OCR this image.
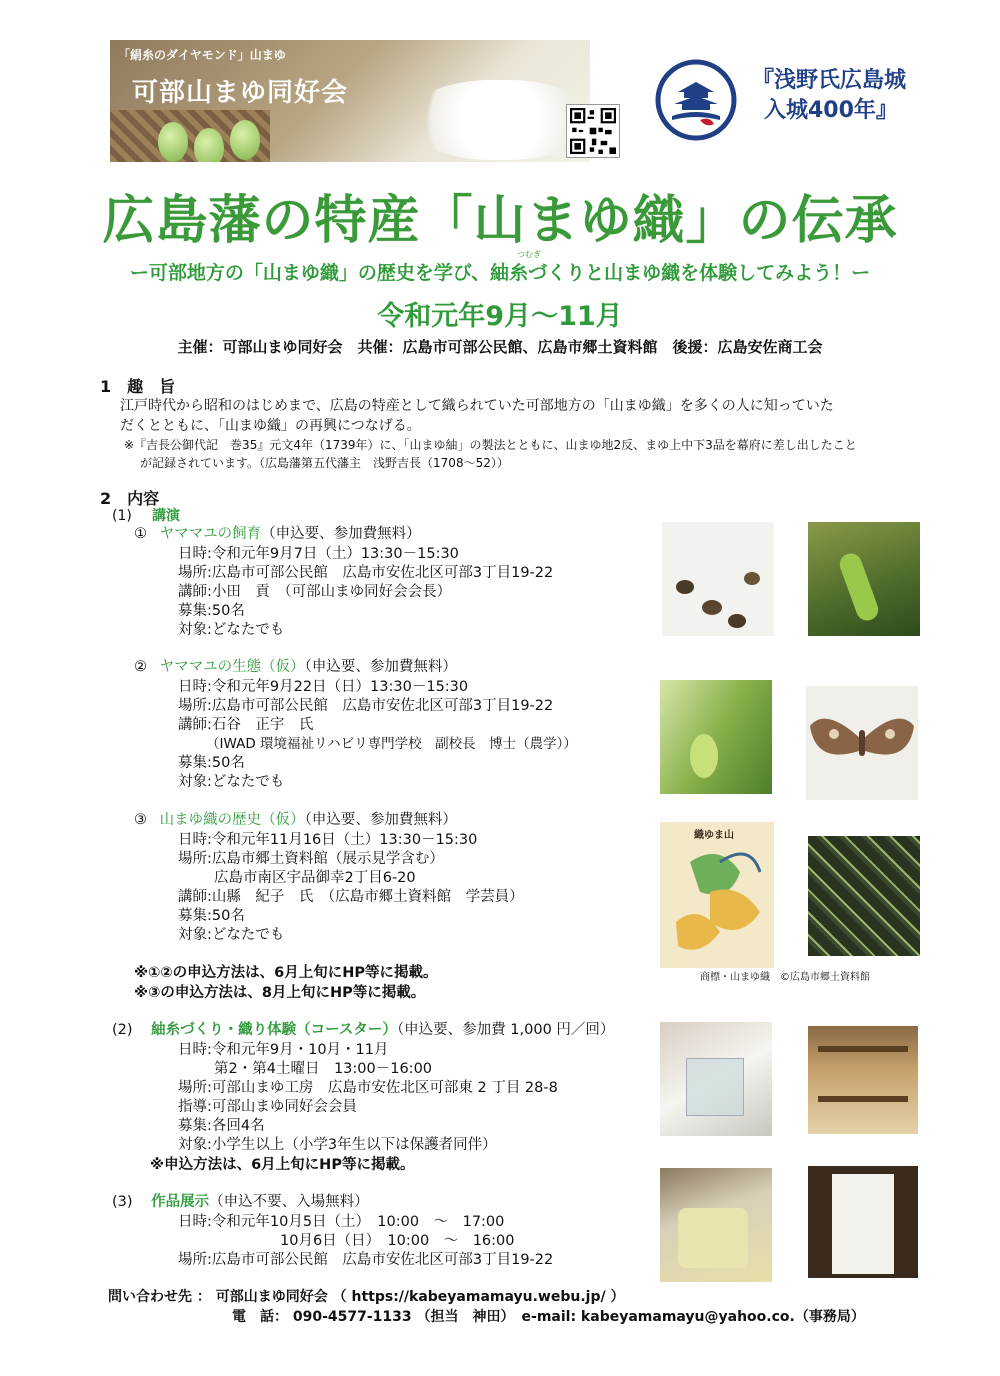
「絹糸のダイヤモンド」山まゆ
可部山まゆ同好会	『浅野氏広島城
入城400年』
広島藩の特産「山まゆ織」の伝承
つむぎ
ー可部地方の「山まゆ織」の歴史を学び、紬糸づくりと山まゆ織を体験してみよう！ー
令和元年9月～11月
主催：可部山まゆ同好会　共催：広島市可部公民館、広島市郷土資料館　後援：広島安佐商工会
1　趣　旨
江戸時代から昭和のはじめまで、広島の特産として織られていた可部地方の「山まゆ織」を多くの人に知っていた
だくとともに、「山まゆ織」の再興につなげる。
※『吉長公御代記　巻35』元文4年（1739年）に、「山まゆ紬」の製法とともに、山まゆ地2反、まゆ上中下3品を幕府に差し出したこと
が記録されています。（広島藩第五代藩主　浅野吉長（1708～52））
2　内容
(1) 講演
① ヤママユの飼育（申込要、参加費無料）
日時:令和元年9月7日（土）13:30－15:30
場所:広島市可部公民館　広島市安佐北区可部3丁目19-22
講師:小田　貢　（可部山まゆ同好会会長）
募集:50名
対象:どなたでも
② ヤママユの生態（仮）（申込要、参加費無料）
日時:令和元年9月22日（日）13:30－15:30
場所:広島市可部公民館　広島市安佐北区可部3丁目19-22
講師:石谷　正宇　氏
（IWAD 環境福祉リハビリ専門学校　副校長　博士（農学））
募集:50名
対象:どなたでも
③ 山まゆ織の歴史（仮）（申込要、参加費無料）
日時:令和元年11月16日（土）13:30－15:30
場所:広島市郷土資料館（展示見学含む）
広島市南区宇品御幸2丁目6-20
講師:山縣　紀子　氏　（広島市郷土資料館　学芸員）
募集:50名
対象:どなたでも
※①②の申込方法は、6月上旬にHP等に掲載。
※③の申込方法は、8月上旬にHP等に掲載。
(2) 紬糸づくり・織り体験（コースター）（申込要、参加費 1,000 円／回）
日時:令和元年9月・10月・11月
第2・第4土曜日　13:00－16:00
場所:可部山まゆ工房　広島市安佐北区可部東 2 丁目 28-8
指導:可部山まゆ同好会会員
募集:各回4名
対象:小学生以上（小学3年生以下は保護者同伴）
※申込方法は、6月上旬にHP等に掲載。
(3) 作品展示（申込不要、入場無料）
日時:令和元年10月5日（土）　10:00　～　17:00
10月6日（日）　10:00　～　16:00
場所:広島市可部公民館　広島市安佐北区可部3丁目19-22
問い合わせ先 ： 可部山まゆ同好会 （ https://kabeyamamayu.webu.jp/ ）
電　話： 090-4577-1133 （担当　神田）　e-mail: kabeyamamayu@yahoo.co.（事務局）
織ゆま山
商標・山まゆ織　©広島市郷土資料館
